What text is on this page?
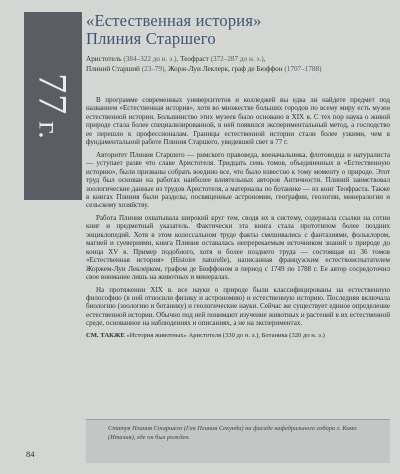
77
г.
«Естественная история»
Плиния Старшего
Аристотель (384–322 до н. э.), Теофраст (372–287 до н. э.),
Плиний Старший (23–79), Жорж-Луи Леклерк, граф де Бюффон (1707–1788)

В программе современных университетов и колледжей вы едва ли найдете предмет под названием «Естественная история», хотя во множестве больших городов по всему миру есть музеи естественной истории. Большинство этих музеев было основано в XIX в. С тех пор наука о живой природе стала более специализированной, в ней появился экспериментальный метод, а господство ее перешло к профессионалам. Границы естественной истории стали более узкими, чем в фундаментальной работе Плиния Старшего, увидевшей свет в 77 г.

Авторитет Плиния Старшего — римского правоведа, военачальника, флотоводца и натуралиста — уступает разве что славе Аристотеля. Тридцать семь томов, объединенных в «Естественную историю», были призваны собрать воедино все, что было известно к тому моменту о природе. Этот труд был основан на работах наиболее влиятельных авторов Античности. Плиний заимствовал зоологические данные из трудов Аристотеля, а материалы по ботанике — из книг Теофраста. Также в книгах Плиния были разделы, посвященные астрономии, географии, геологии, минералогии и сельскому хозяйству.

Работа Плиния охватывала широкий круг тем, сводя их в систему, содержала ссылки на сотни книг и предметный указатель. Фактически эта книга стала прототипом более поздних энциклопедий. Хотя в этом колоссальном труде факты смешивались с фантазиями, фольклором, магией и суевериями, книга Плиния оставалась непререкаемым источником знаний о природе до конца XV в. Пример подобного, хотя и более позднего труда — состоящая из 36 томов «Естественная история» (Histoire naturelle), написанная французским естествоиспытателем Жоржем-Луи Леклерком, графом де Бюффоном в период с 1749 по 1788 г. Ее автор сосредоточил свое внимание лишь на животных и минералах.

На протяжении XIX в. все науки о природе были классифицированы на естественную философию (в ней относили физику и астрономию) и естественную историю. Последняя включала биологию (зоологию и ботанику) и геологические науки. Сейчас же существует единое определение естественной истории. Обычно под ней понимают изучение животных и растений в их естественной среде, основанное на наблюдениях и описаниях, а не на экспериментах.

СМ. ТАКЖЕ «История животных» Аристотеля (330 до н. э.), Ботаника (320 до н. э.)
Статуя Плиния Старшего (Гая Плиния Секунда) на фасаде кафедрального собора г. Комо (Италия), где он был рожден.
84
